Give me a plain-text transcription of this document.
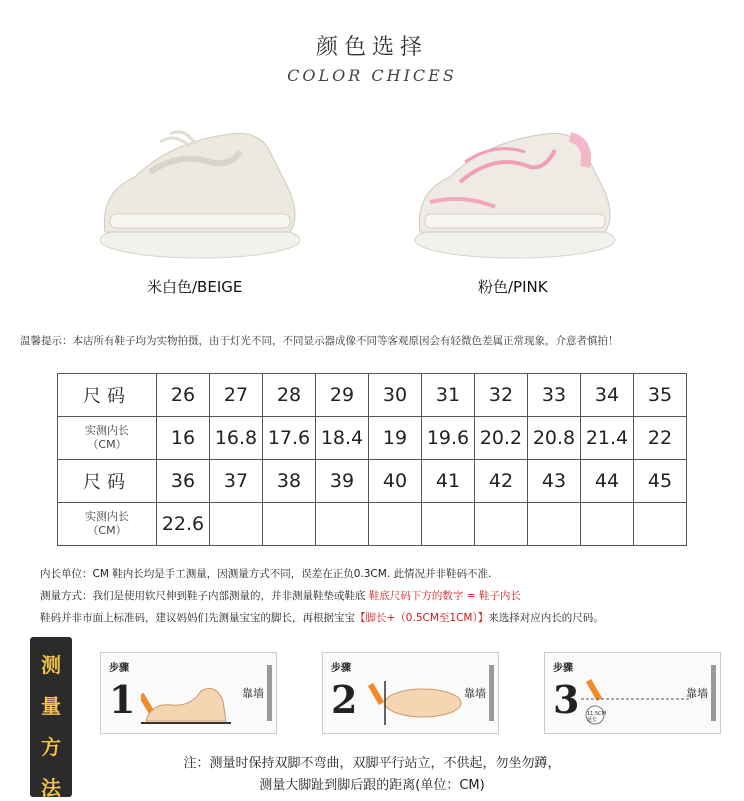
颜色选择
COLOR CHICES
米白色/BEIGE	粉色/PINK
温馨提示：本店所有鞋子均为实物拍摄，由于灯光不同，不同显示器成像不同等客观原因会有轻微色差属正常现象，介意者慎拍！
尺码	26	27	28	29	30	31	32	33	34	35

实测内长
（CM）	16	16.8	17.6	18.4	19	19.6	20.2	20.8	21.4	22
尺码	36	37	38	39	40	41	42	43	44	45

实测内长
（CM）	22.6									
内长单位：CM 鞋内长均是手工测量，因测量方式不同，误差在正负0.3CM. 此情况并非鞋码不准.
测量方式：我们是使用软尺伸到鞋子内部测量的，并非测量鞋垫或鞋底 鞋底尺码下方的数字 = 鞋子内长
鞋码并非市面上标准码，建议妈妈们先测量宝宝的脚长，再根据宝宝【脚长+（0.5CM至1CM）】来选择对应内长的尺码。
测
量
方
法
步骤
1	靠墙
步骤
2	靠墙
步骤
3 11.5CM
延长
靠墙
注：测量时保持双脚不弯曲，双脚平行站立，不供起，勿坐勿蹲，
测量大脚趾到脚后跟的距离(单位：CM)
